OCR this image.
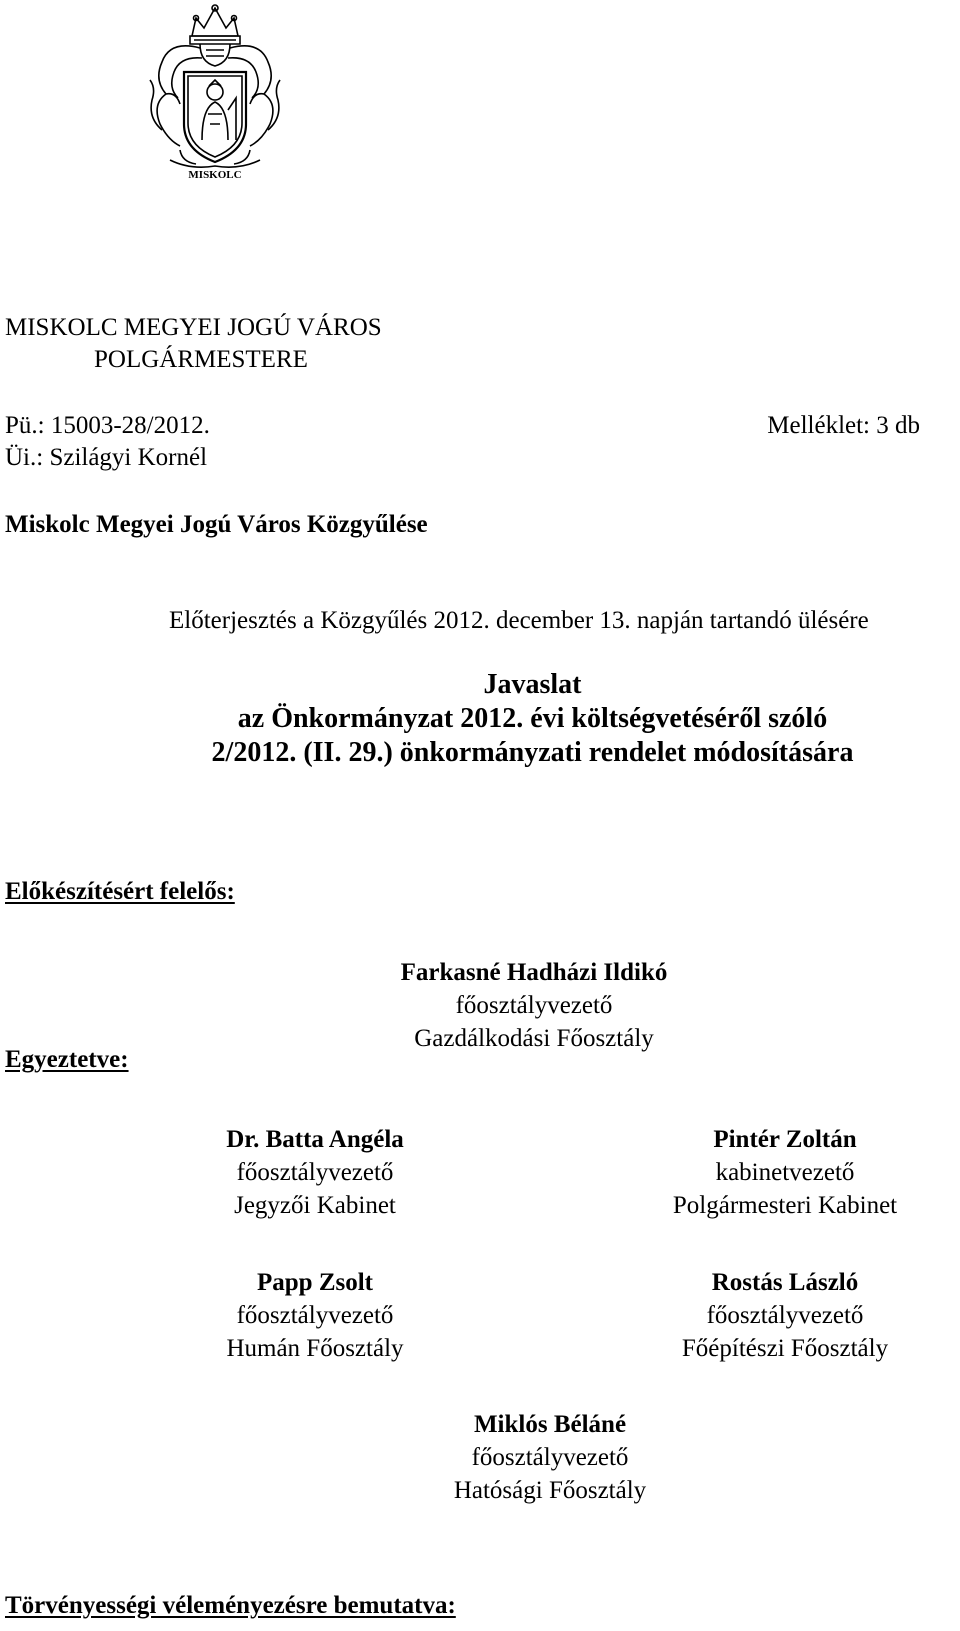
MISKOLC
MISKOLC MEGYEI JOGÚ VÁROS
POLGÁRMESTERE
Pü.: 15003-28/2012.	Melléklet: 3 db
Üi.: Szilágyi Kornél
Miskolc Megyei Jogú Város Közgyűlése
Előterjesztés a Közgyűlés 2012. december 13. napján tartandó ülésére
Javaslat
az Önkormányzat 2012. évi költségvetéséről szóló
2/2012. (II. 29.) önkormányzati rendelet módosítására
Előkészítésért felelős:
Farkasné Hadházi Ildikó
főosztályvezető
Gazdálkodási Főosztály
Egyeztetve:
Dr. Batta Angéla
főosztályvezető
Jegyzői Kabinet
Pintér Zoltán
kabinetvezető
Polgármesteri Kabinet
Papp Zsolt
főosztályvezető
Humán Főosztály
Rostás László
főosztályvezető
Főépítészi Főosztály
Miklós Béláné
főosztályvezető
Hatósági Főosztály
Törvényességi véleményezésre bemutatva:
